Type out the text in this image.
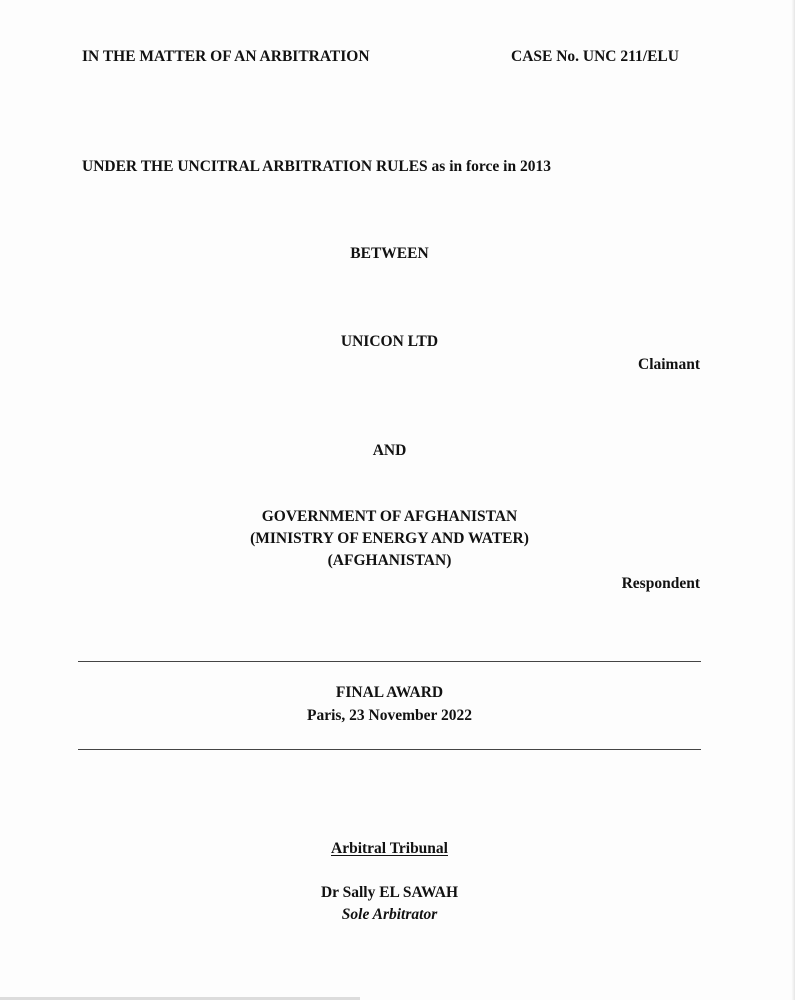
IN THE MATTER OF AN ARBITRATION	CASE No. UNC 211/ELU
UNDER THE UNCITRAL ARBITRATION RULES as in force in 2013
BETWEEN
UNICON LTD
Claimant
AND
GOVERNMENT OF AFGHANISTAN
(MINISTRY OF ENERGY AND WATER)
(AFGHANISTAN)
Respondent
FINAL AWARD
Paris, 23 November 2022
Arbitral Tribunal
Dr Sally EL SAWAH
Sole Arbitrator
